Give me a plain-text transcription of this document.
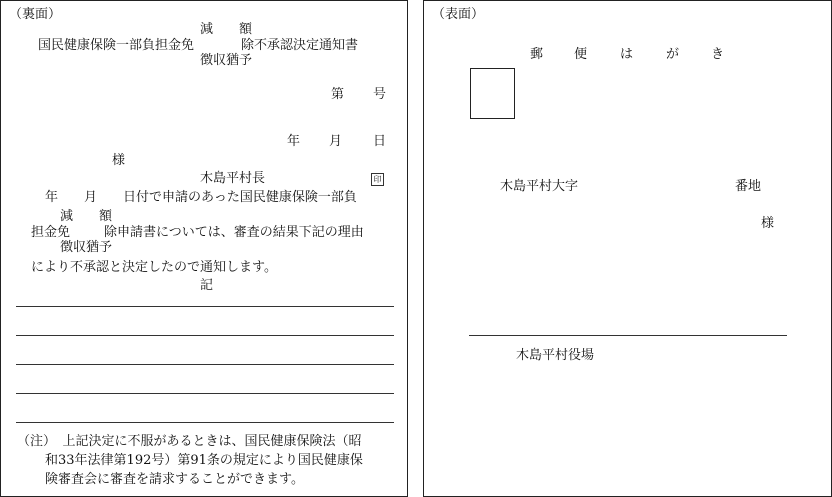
（裏面）
減　　額
国民健康保険一部負担金免	除不承認決定通知書
徴収猶予
第 号
年 月 日
様
木島平村長	印
年　　月　　日付で申請のあった国民健康保険一部負
減　　額
担金免	除申請書については、審査の結果下記の理由
徴収猶予
により不承認と決定したので通知します。
記
（注）　上記決定に不服があるときは、国民健康保険法（昭
和33年法律第192号）第91条の規定により国民健康保
険審査会に審査を請求することができます。
（表面）
郵 便	は	が き
木島平村大字	番地
様
木島平村役場
